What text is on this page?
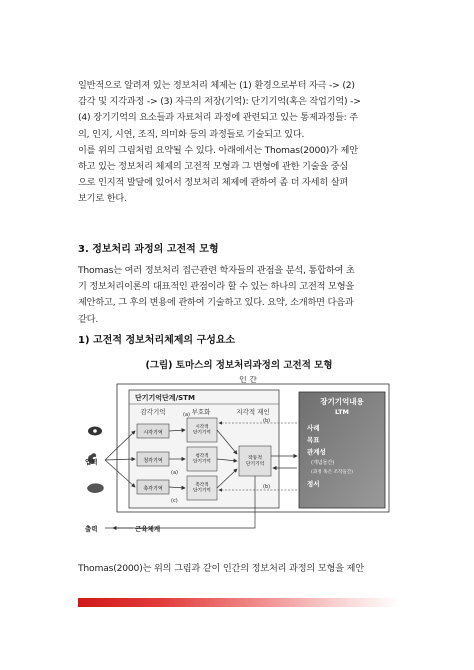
일반적으로 알려져 있는 정보처리 체제는 (1) 환경으로부터 자극 -> (2)
감각 및 지각과정 -> (3) 자극의 저장(기억): 단기기억(혹은 작업기억) ->
(4) 장기기억의 요소들과 자료처리 과정에 관련되고 있는 통제과정들: 주
의, 인지, 시연, 조직, 의미화 등의 과정들로 기술되고 있다.
이를 위의 그림처럼 요약될 수 있다. 아래에서는 Thomas(2000)가 제안
하고 있는 정보처리 체제의 고전적 모형과 그 변형에 관한 기술을 중심
으로 인지적 발달에 있어서 정보처리 체제에 관하여 좀 더 자세히 살펴
보기로 한다.
3. 정보처리 과정의 고전적 모형
Thomas는 여러 정보처리 접근관련 학자들의 관점을 분석, 통합하여 초
기 정보처리이론의 대표적인 관점이라 할 수 있는 하나의 고전적 모형을
제안하고, 그 후의 변용에 관하여 기술하고 있다. 요약, 소개하면 다음과
같다.
1) 고전적 정보처리체제의 구성요소
(그림) 토마스의 정보처리과정의 고전적 모형
인 간
단기기억단계/STM
감각기억	부호화	지각적 재인
시각기억
청각기억
촉각기억
시각적 단기기억
청각적 단기기억
촉각적 단기기억
작동적 단기기억
장기기억내용
LTM
사례
목표
관계성
(개념들간)
(과정 혹은 조작들간)
정서
입력
(a)
(b)
(b)
(a)
(c)
근육체계
출력
Thomas(2000)는 위의 그림과 같이 인간의 정보처리 과정의 모형을 제안
